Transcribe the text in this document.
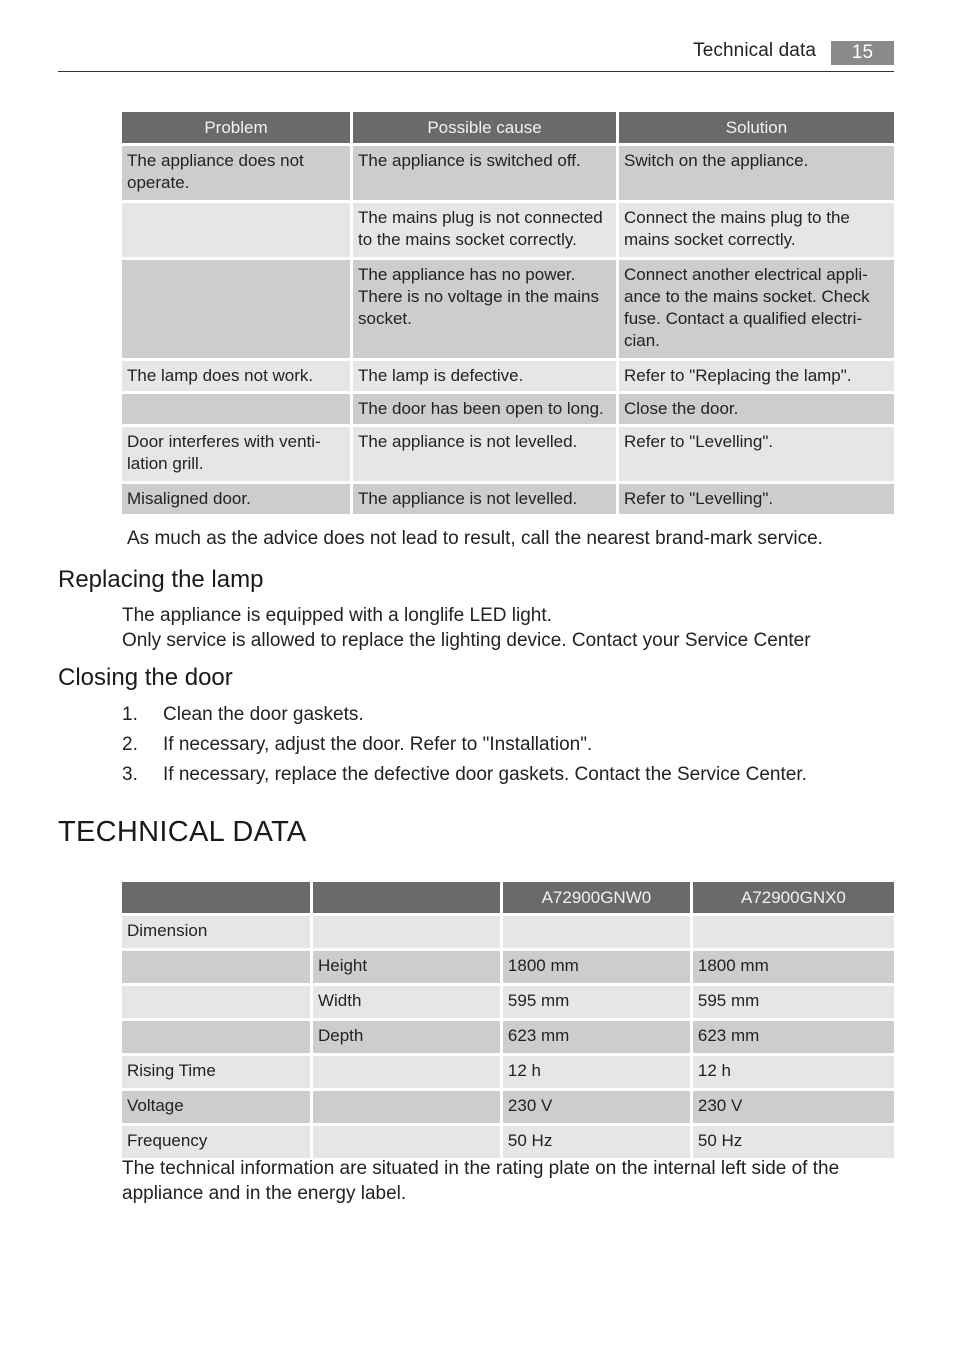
Technical data	15
Problem	Possible cause	Solution
The appliance does not operate.	The appliance is switched off.	Switch on the appliance.
	The mains plug is not connected to the mains socket correctly.	Connect the mains plug to the mains socket correctly.
	The appliance has no power. There is no voltage in the mains socket.	Connect another electrical appli-ance to the mains socket. Check fuse. Contact a qualified electri-cian.
The lamp does not work.	The lamp is defective.	Refer to "Replacing the lamp".
	The door has been open to long.	Close the door.
Door interferes with venti-lation grill.	The appliance is not levelled.	Refer to "Levelling".
Misaligned door.	The appliance is not levelled.	Refer to "Levelling".
As much as the advice does not lead to result, call the nearest brand-mark service.
Replacing the lamp
The appliance is equipped with a longlife LED light.
Only service is allowed to replace the lighting device. Contact your Service Center
Closing the door
1.	Clean the door gaskets.
2.	If necessary, adjust the door. Refer to "Installation".
3.	If necessary, replace the defective door gaskets. Contact the Service Center.
TECHNICAL DATA
		A72900GNW0	A72900GNX0
Dimension			
	Height	1800 mm	1800 mm
	Width	595 mm	595 mm
	Depth	623 mm	623 mm
Rising Time		12 h	12 h
Voltage		230 V	230 V
Frequency		50 Hz	50 Hz
The technical information are situated in the rating plate on the internal left side of the appliance and in the energy label.
